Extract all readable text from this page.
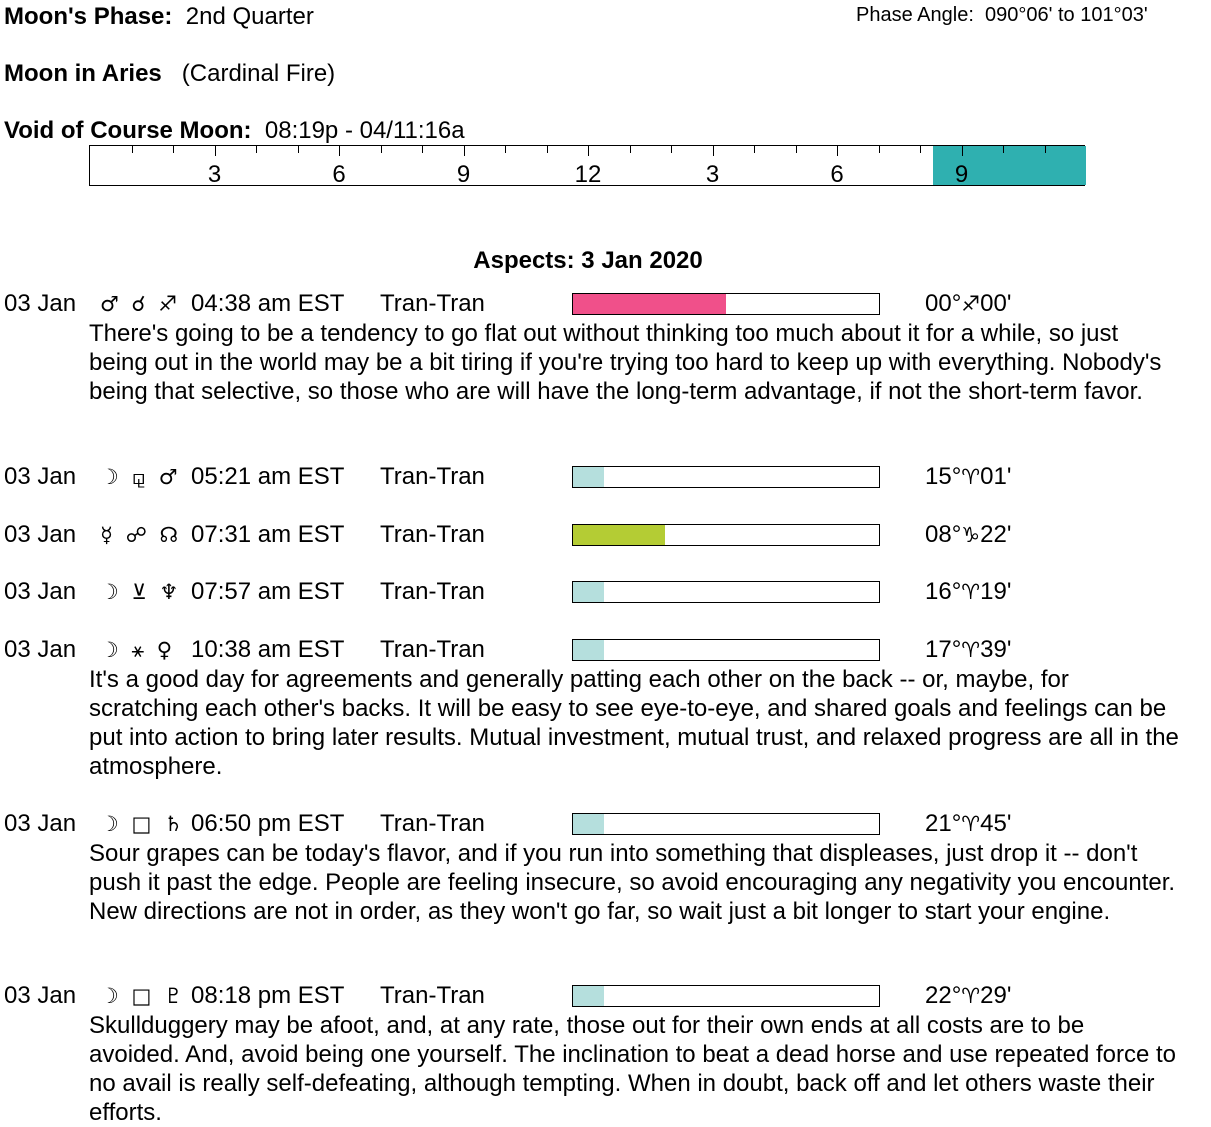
Moon's Phase: 2nd Quarter	Phase Angle: 090°06' to 101°03'
Moon in Aries (Cardinal Fire)
Void of Course Moon: 08:19p - 04/11:16a
3	6	9	12	3	6	9
Aspects: 3 Jan 2020
03 Jan ♂ ☌ ♐ 04:38 am EST Tran-Tran	00°♐00'
There's going to be a tendency to go flat out without thinking too much about it for a while, so just being out in the world may be a bit tiring if you're trying too hard to keep up with everything. Nobody's being that selective, so those who are will have the long-term advantage, if not the short-term favor.
03 Jan ☽ ⚼ ♂ 05:21 am EST Tran-Tran	15°♈01'
03 Jan ☿ ☍ ☊ 07:31 am EST Tran-Tran	08°♑22'
03 Jan ☽ ⊻ ♆ 07:57 am EST Tran-Tran	16°♈19'
03 Jan ☽ ⚹ ♀ 10:38 am EST Tran-Tran	17°♈39'
It's a good day for agreements and generally patting each other on the back -- or, maybe, for scratching each other's backs. It will be easy to see eye-to-eye, and shared goals and feelings can be put into action to bring later results. Mutual investment, mutual trust, and relaxed progress are all in the atmosphere.
03 Jan ☽ □ ♄ 06:50 pm EST Tran-Tran	21°♈45'
Sour grapes can be today's flavor, and if you run into something that displeases, just drop it -- don't push it past the edge. People are feeling insecure, so avoid encouraging any negativity you encounter. New directions are not in order, as they won't go far, so wait just a bit longer to start your engine.
03 Jan ☽ □ ♇ 08:18 pm EST Tran-Tran	22°♈29'
Skullduggery may be afoot, and, at any rate, those out for their own ends at all costs are to be avoided. And, avoid being one yourself. The inclination to beat a dead horse and use repeated force to no avail is really self-defeating, although tempting. When in doubt, back off and let others waste their efforts.
